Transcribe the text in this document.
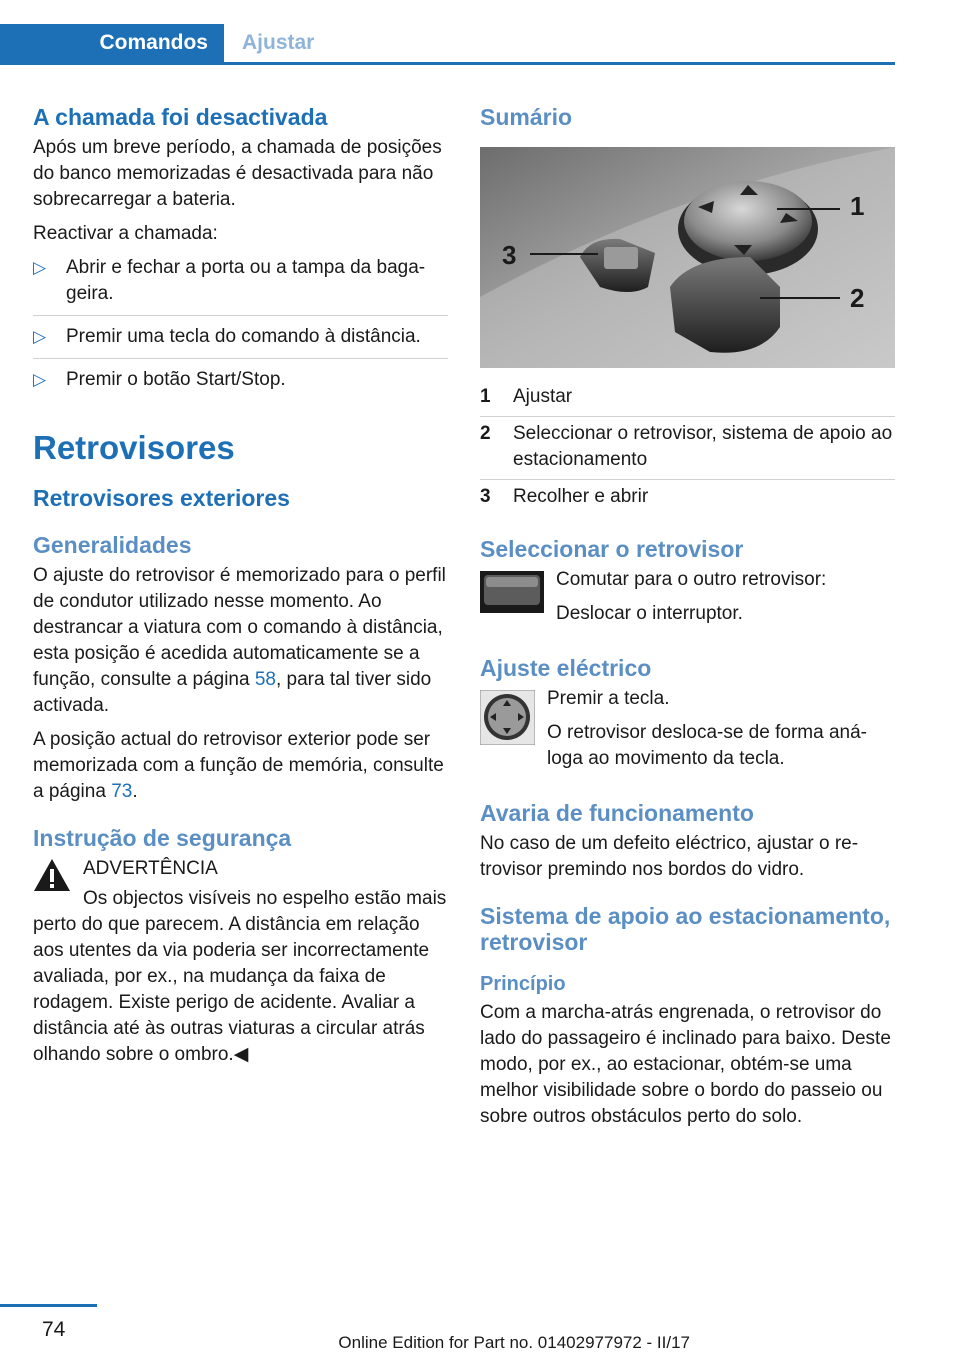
Comandos	Ajustar
A chamada foi desactivada

Após um breve período, a chamada de posições do banco memorizadas é desactivada para não sobrecarregar a bateria.

Reactivar a chamada:

▷ Abrir e fechar a porta ou a tampa da bagageira.
▷ Premir uma tecla do comando à distância.
▷ Premir o botão Start/Stop.
Retrovisores
Retrovisores exteriores
Generalidades

O ajuste do retrovisor é memorizado para o perfil de condutor utilizado nesse momento. Ao destrancar a viatura com o comando à distância, esta posição é acedida automaticamente se a função, consulte a página 58, para tal tiver sido activada.

A posição actual do retrovisor exterior pode ser memorizada com a função de memória, consulte a página 73.

Instrução de segurança

ADVERTÊNCIA

Os objectos visíveis no espelho estão mais perto do que parecem. A distância em relação aos utentes da via poderia ser incorrectamente avaliada, por ex., na mudança da faixa de rodagem. Existe perigo de acidente. Avaliar a distância até às outras viaturas a circular atrás olhando sobre o ombro.◀

Sumário
1
2
3
1	Ajustar
2	Seleccionar o retrovisor, sistema de apoio ao estacionamento
3	Recolher e abrir
Seleccionar o retrovisor

Comutar para o outro retrovisor:

Deslocar o interruptor.

Ajuste eléctrico

Premir a tecla.

O retrovisor desloca-se de forma análoga ao movimento da tecla.

Avaria de funcionamento

No caso de um defeito eléctrico, ajustar o retrovisor premindo nos bordos do vidro.

Sistema de apoio ao estacionamento, retrovisor
Princípio

Com a marcha-atrás engrenada, o retrovisor do lado do passageiro é inclinado para baixo. Deste modo, por ex., ao estacionar, obtém-se uma melhor visibilidade sobre o bordo do passeio ou sobre outros obstáculos perto do solo.

74
Online Edition for Part no. 01402977972 - II/17
